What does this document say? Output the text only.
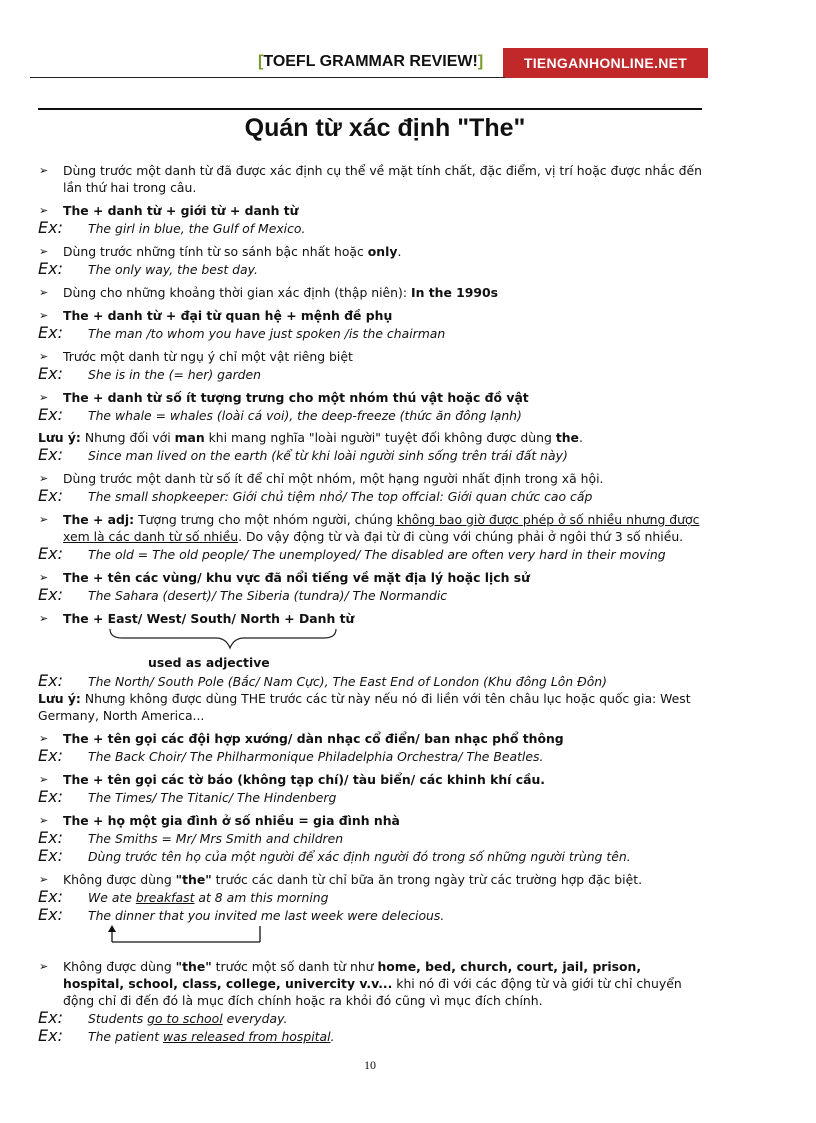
[TOEFL GRAMMAR REVIEW!]	TIENGANHONLINE.NET
Quán từ xác định "The"
➢ Dùng trước một danh từ đã được xác định cụ thể về mặt tính chất, đặc điểm, vị trí hoặc được nhắc đến lần thứ hai trong câu.
➢ The + danh từ + giới từ + danh từ
Ex: The girl in blue, the Gulf of Mexico.
➢ Dùng trước những tính từ so sánh bậc nhất hoặc only.
Ex: The only way, the best day.
➢ Dùng cho những khoảng thời gian xác định (thập niên): In the 1990s
➢ The + danh từ + đại từ quan hệ + mệnh đề phụ
Ex: The man /to whom you have just spoken /is the chairman
➢ Trước một danh từ ngụ ý chỉ một vật riêng biệt
Ex: She is in the (= her) garden
➢ The + danh từ số ít tượng trưng cho một nhóm thú vật hoặc đồ vật
Ex: The whale = whales (loài cá voi), the deep-freeze (thức ăn đông lạnh)
Lưu ý: Nhưng đối với man khi mang nghĩa "loài người" tuyệt đối không được dùng the.
Ex: Since man lived on the earth (kể từ khi loài người sinh sống trên trái đất này)
➢ Dùng trước một danh từ số ít để chỉ một nhóm, một hạng người nhất định trong xã hội.
Ex: The small shopkeeper: Giới chủ tiệm nhỏ/ The top offcial: Giới quan chức cao cấp
➢ The + adj: Tượng trưng cho một nhóm người, chúng không bao giờ được phép ở số nhiều nhưng được xem là các danh từ số nhiều. Do vậy động từ và đại từ đi cùng với chúng phải ở ngôi thứ 3 số nhiều.
Ex: The old = The old people/ The unemployed/ The disabled are often very hard in their moving
➢ The + tên các vùng/ khu vực đã nổi tiếng về mặt địa lý hoặc lịch sử
Ex: The Sahara (desert)/ The Siberia (tundra)/ The Normandic
➢ The + East/ West/ South/ North + Danh từ
used as adjective
Ex: The North/ South Pole (Bắc/ Nam Cực), The East End of London (Khu đông Lôn Đôn)
Lưu ý: Nhưng không được dùng THE trước các từ này nếu nó đi liền với tên châu lục hoặc quốc gia: West Germany, North America...
➢ The + tên gọi các đội hợp xướng/ dàn nhạc cổ điển/ ban nhạc phổ thông
Ex: The Back Choir/ The Philharmonique Philadelphia Orchestra/ The Beatles.
➢ The + tên gọi các tờ báo (không tạp chí)/ tàu biển/ các khinh khí cầu.
Ex: The Times/ The Titanic/ The Hindenberg
➢ The + họ một gia đình ở số nhiều = gia đình nhà
Ex: The Smiths = Mr/ Mrs Smith and children
Ex: Dùng trước tên họ của một người để xác định người đó trong số những người trùng tên.
➢ Không được dùng "the" trước các danh từ chỉ bữa ăn trong ngày trừ các trường hợp đặc biệt.
Ex: We ate breakfast at 8 am this morning
Ex: The dinner that you invited me last week were delecious.
➢ Không được dùng "the" trước một số danh từ như home, bed, church, court, jail, prison, hospital, school, class, college, univercity v.v... khi nó đi với các động từ và giới từ chỉ chuyển động chỉ đi đến đó là mục đích chính hoặc ra khỏi đó cũng vì mục đích chính.
Ex: Students go to school everyday.
Ex: The patient was released from hospital.
10
